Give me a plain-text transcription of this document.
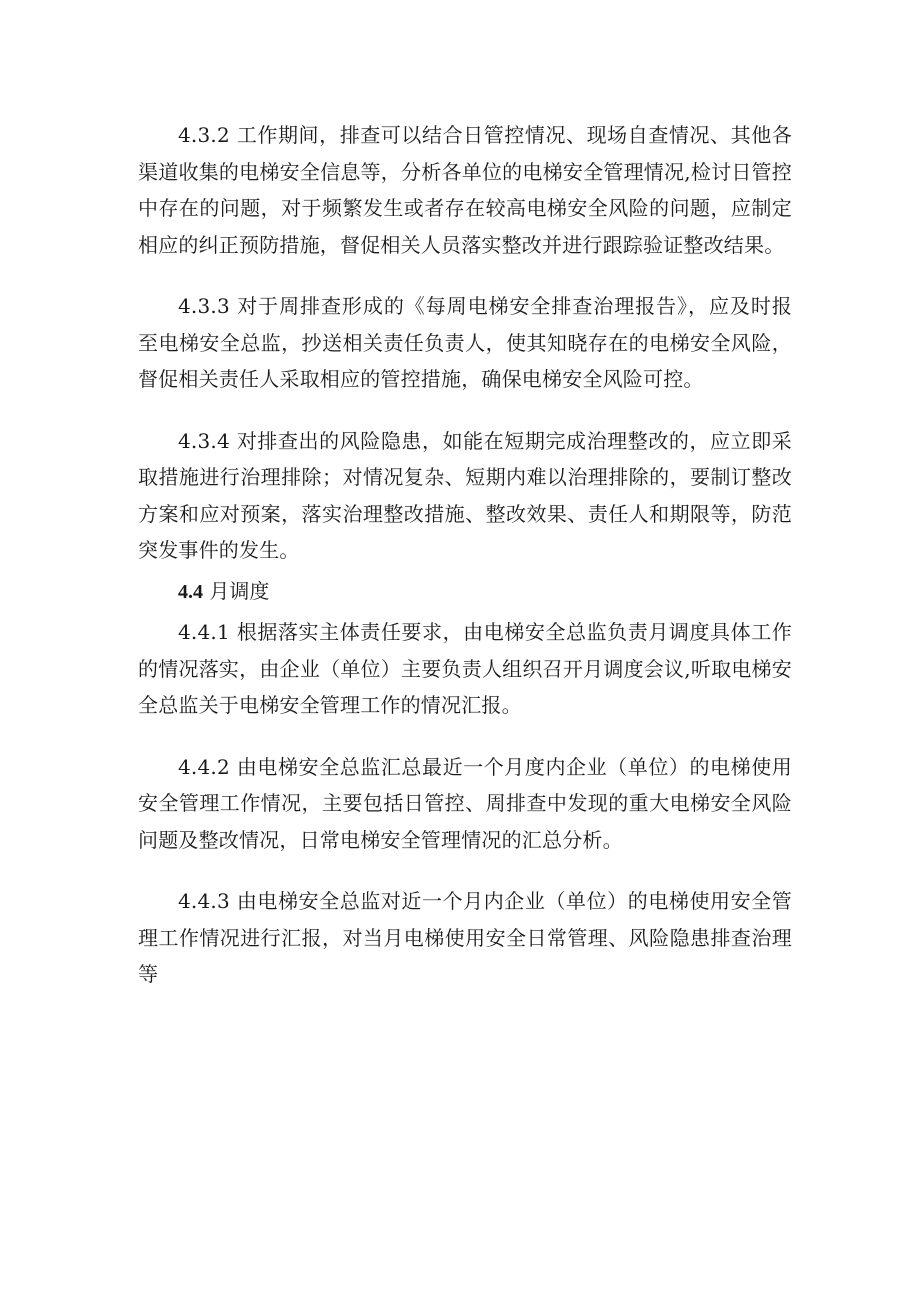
4.3.2 工作期间，排查可以结合日管控情况、现场自查情况、其他各渠道收集的电梯安全信息等，分析各单位的电梯安全管理情况,检讨日管控中存在的问题，对于频繁发生或者存在较高电梯安全风险的问题，应制定相应的纠正预防措施，督促相关人员落实整改并进行跟踪验证整改结果。

4.3.3 对于周排查形成的《每周电梯安全排查治理报告》，应及时报至电梯安全总监，抄送相关责任负责人，使其知晓存在的电梯安全风险，督促相关责任人采取相应的管控措施，确保电梯安全风险可控。

4.3.4 对排查出的风险隐患，如能在短期完成治理整改的，应立即采取措施进行治理排除；对情况复杂、短期内难以治理排除的，要制订整改方案和应对预案，落实治理整改措施、整改效果、责任人和期限等，防范突发事件的发生。

4.4 月调度

4.4.1 根据落实主体责任要求，由电梯安全总监负责月调度具体工作的情况落实，由企业（单位）主要负责人组织召开月调度会议,听取电梯安全总监关于电梯安全管理工作的情况汇报。

4.4.2 由电梯安全总监汇总最近一个月度内企业（单位）的电梯使用安全管理工作情况，主要包括日管控、周排查中发现的重大电梯安全风险问题及整改情况，日常电梯安全管理情况的汇总分析。

4.4.3 由电梯安全总监对近一个月内企业（单位）的电梯使用安全管理工作情况进行汇报，对当月电梯使用安全日常管理、风险隐患排查治理等
